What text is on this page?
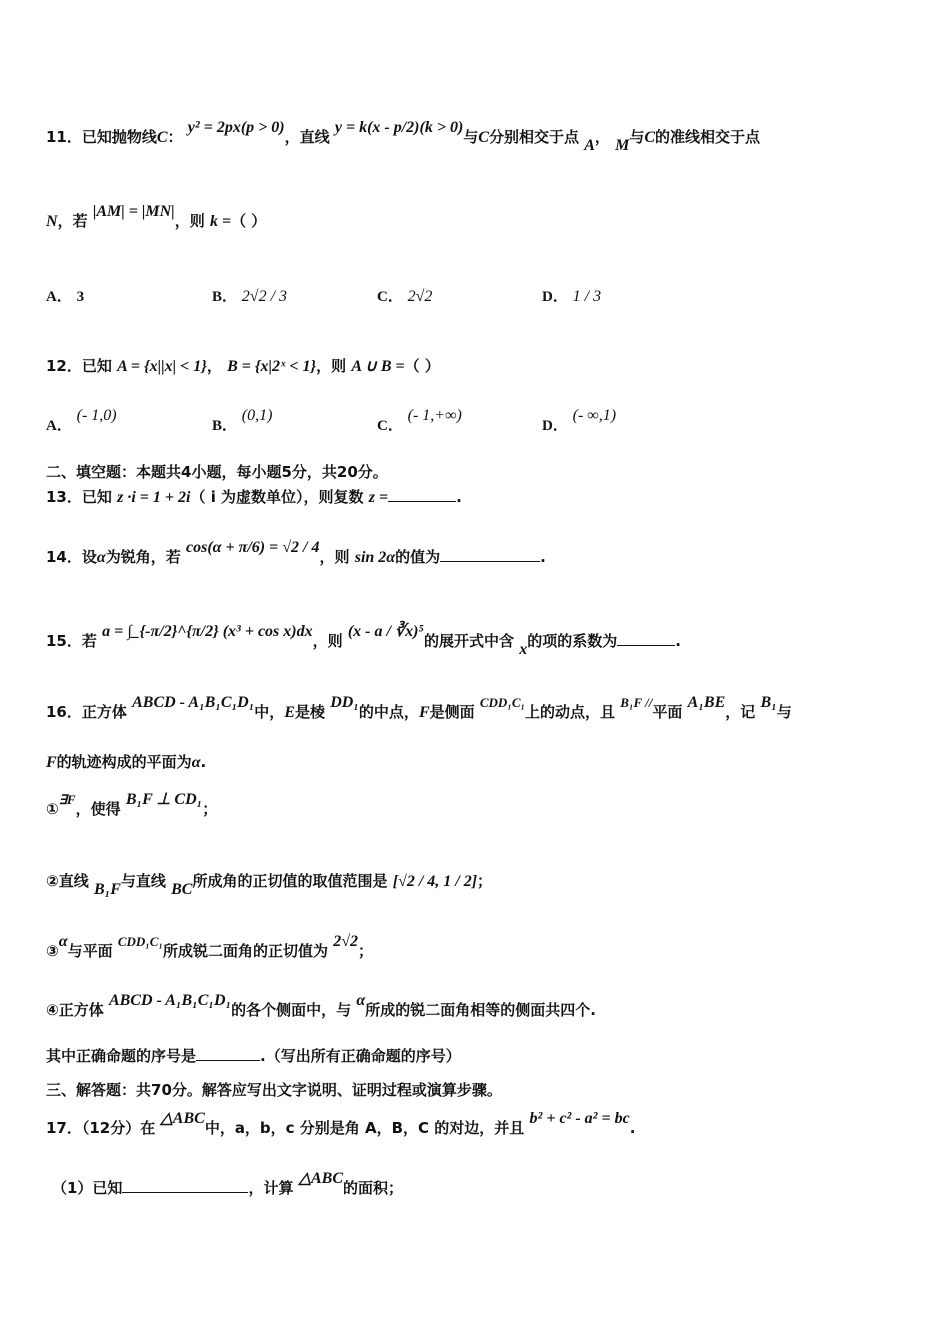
11．已知抛物线C： y² = 2px(p > 0)，直线 y = k(x - p/2)(k > 0)与C分别相交于点 A， M与C的准线相交于点
N，若 |AM| = |MN|，则 k =（ ）
A． 3	B． 2√2 / 3	C． 2√2	D． 1 / 3
12．已知 A = {x||x| < 1}， B = {x|2ˣ < 1}，则 A ∪ B =（ ）
A． (- 1,0)
B． (0,1)
C． (- 1,+∞)
D． (- ∞,1)
二、填空题：本题共4小题，每小题5分，共20分。
13．已知 z ·i = 1 + 2i（ i 为虚数单位），则复数 z =	.
14．设α为锐角，若 cos(α + π/6) = √2 / 4，则 sin 2α的值为	.
15．若 a = ∫_{-π/2}^{π/2} (x³ + cos x)dx，则 (x - a / ∛x)⁵的展开式中含 x的项的系数为	.
16．正方体 ABCD - A₁B₁C₁D₁中，E是棱 DD₁的中点，F是侧面 CDD₁C₁上的动点，且 B₁F //平面 A₁BE，记 B₁与
F的轨迹构成的平面为α.
①∃F，使得 B₁F ⊥ CD₁；
②直线 B₁F与直线 BC所成角的正切值的取值范围是 [√2 / 4, 1 / 2]；
③α与平面 CDD₁C₁所成锐二面角的正切值为 2√2；
④正方体 ABCD - A₁B₁C₁D₁的各个侧面中，与 α所成的锐二面角相等的侧面共四个.
其中正确命题的序号是	.（写出所有正确命题的序号）
三、解答题：共70分。解答应写出文字说明、证明过程或演算步骤。
17．（12分）在 △ABC中，a，b，c 分别是角 A，B，C 的对边，并且 b² + c² - a² = bc.
（1）已知	，计算 △ABC的面积；
